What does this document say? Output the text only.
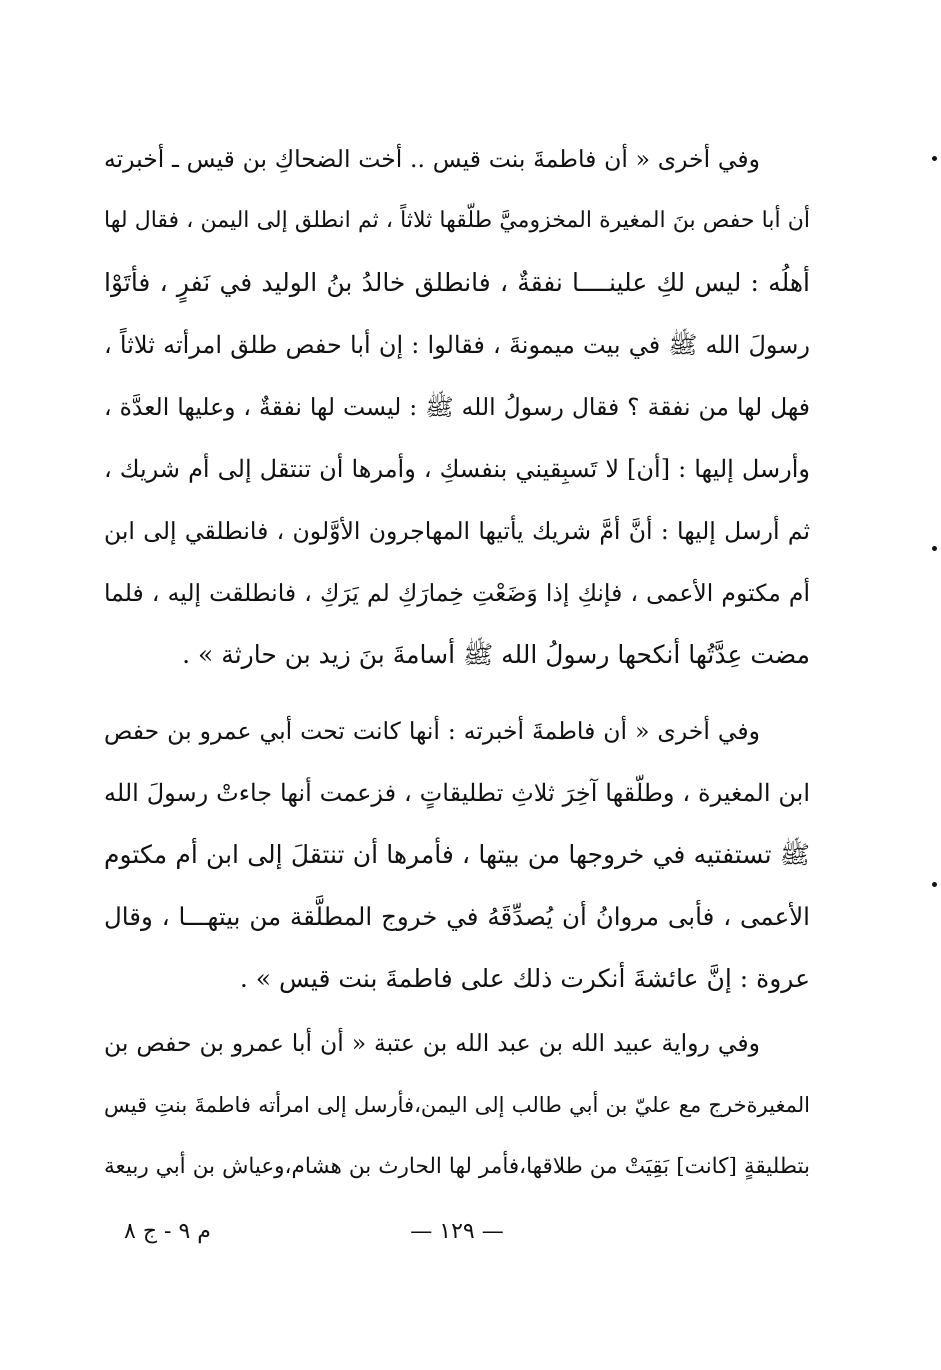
وفي أخرى « أن فاطمةَ بنت قيس .. أخت الضحاكِ بن قيس ـ أخبرته
أن أبا حفص بنَ المغيرة المخزوميَّ طلّقها ثلاثاً ، ثم انطلق إلى اليمن ، فقال لها
أهلُه : ليس لكِ علينــــا نفقةٌ ، فانطلق خالدُ بنُ الوليد في نَفرٍ ، فأتَوْا
رسولَ الله ﷺ في بيت ميمونةَ ، فقالوا : إن أبا حفص طلق امرأته ثلاثاً ،
فهل لها من نفقة ؟ فقال رسولُ الله ﷺ : ليست لها نفقةٌ ، وعليها العدَّة ،
وأرسل إليها : [أن] لا تَسبِقيني بنفسكِ ، وأمرها أن تنتقل إلى أم شريك ،
ثم أرسل إليها : أنَّ أمَّ شريك يأتيها المهاجرون الأوَّلون ، فانطلقي إلى ابن
أم مكتوم الأعمى ، فإنكِ إذا وَضَعْتِ خِمارَكِ لم يَرَكِ ، فانطلقت إليه ، فلما
مضت عِدَّتُها أنكحها رسولُ الله ﷺ أسامةَ بنَ زيد بن حارثة » .
وفي أخرى « أن فاطمةَ أخبرته : أنها كانت تحت أبي عمرو بن حفص
ابن المغيرة ، وطلّقها آخِرَ ثلاثِ تطليقاتٍ ، فزعمت أنها جاءتْ رسولَ الله
ﷺ تستفتيه في خروجها من بيتها ، فأمرها أن تنتقلَ إلى ابن أم مكتوم
الأعمى ، فأبى مروانُ أن يُصدِّقَهُ في خروج المطلَّقة من بيتهـــا ، وقال
عروة : إنَّ عائشةَ أنكرت ذلك على فاطمةَ بنت قيس » .
وفي رواية عبيد الله بن عبد الله بن عتبة « أن أبا عمرو بن حفص بن
المغيرةخرج مع عليّ بن أبي طالب إلى اليمن،فأرسل إلى امرأته فاطمةَ بنتِ قيس
بتطليقةٍ [كانت] بَقِيَتْ من طلاقها،فأمر لها الحارث بن هشام،وعياش بن أبي ربيعة
— ١٢٩ —
م ٩ - ج ٨
